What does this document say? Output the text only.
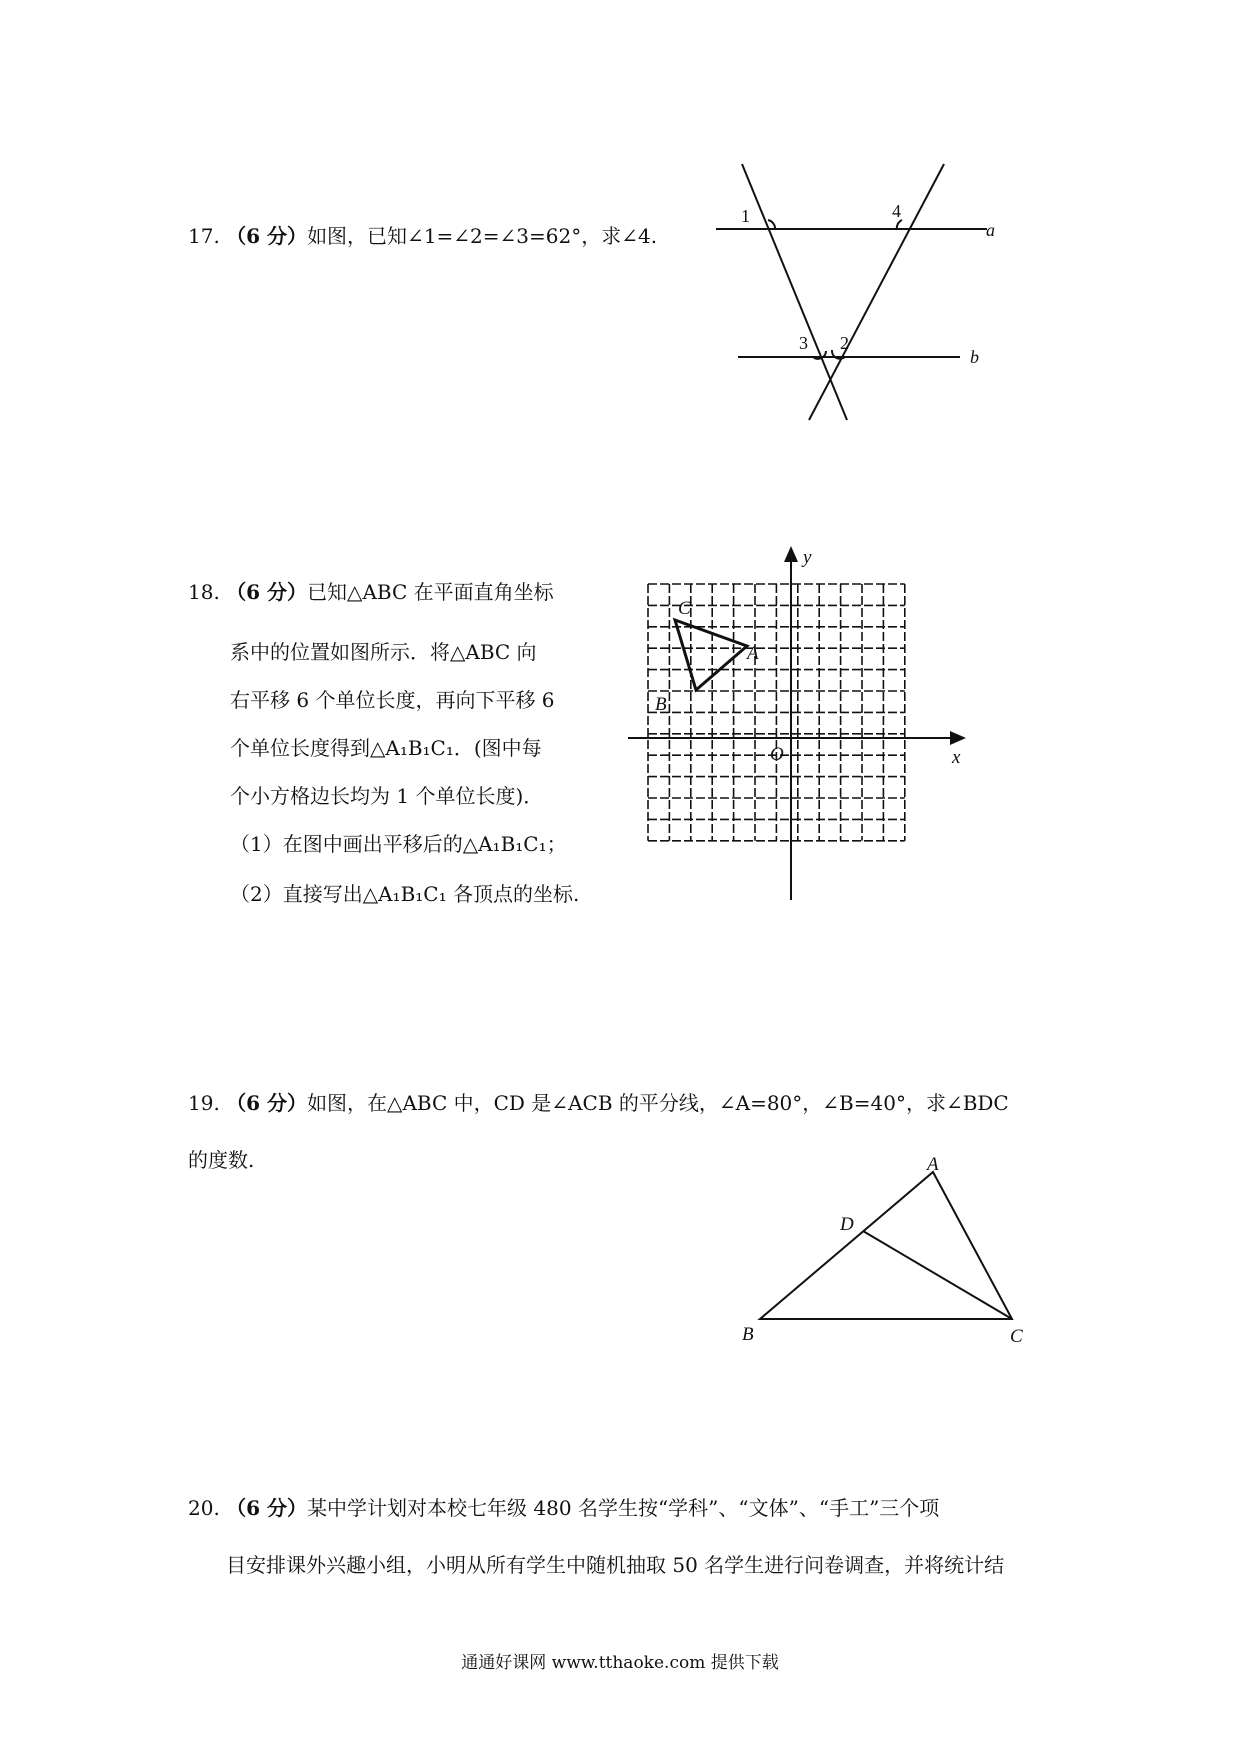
17. （6 分）如图，已知∠1=∠2=∠3=62°，求∠4.
1	4
3 2
a
b
18. （6 分）已知△ABC 在平面直角坐标
系中的位置如图所示．将△ABC 向
右平移 6 个单位长度，再向下平移 6
个单位长度得到△A₁B₁C₁．(图中每
个小方格边长均为 1 个单位长度)．
（1）在图中画出平移后的△A₁B₁C₁；
（2）直接写出△A₁B₁C₁ 各顶点的坐标.
y
x
O
A
B
C
19. （6 分）如图，在△ABC 中，CD 是∠ACB 的平分线，∠A=80°，∠B=40°，求∠BDC
的度数.	A
B	C
D
20. （6 分）某中学计划对本校七年级 480 名学生按“学科”、“文体”、“手工”三个项
目安排课外兴趣小组，小明从所有学生中随机抽取 50 名学生进行问卷调查，并将统计结
通通好课网 www.tthaoke.com 提供下载
